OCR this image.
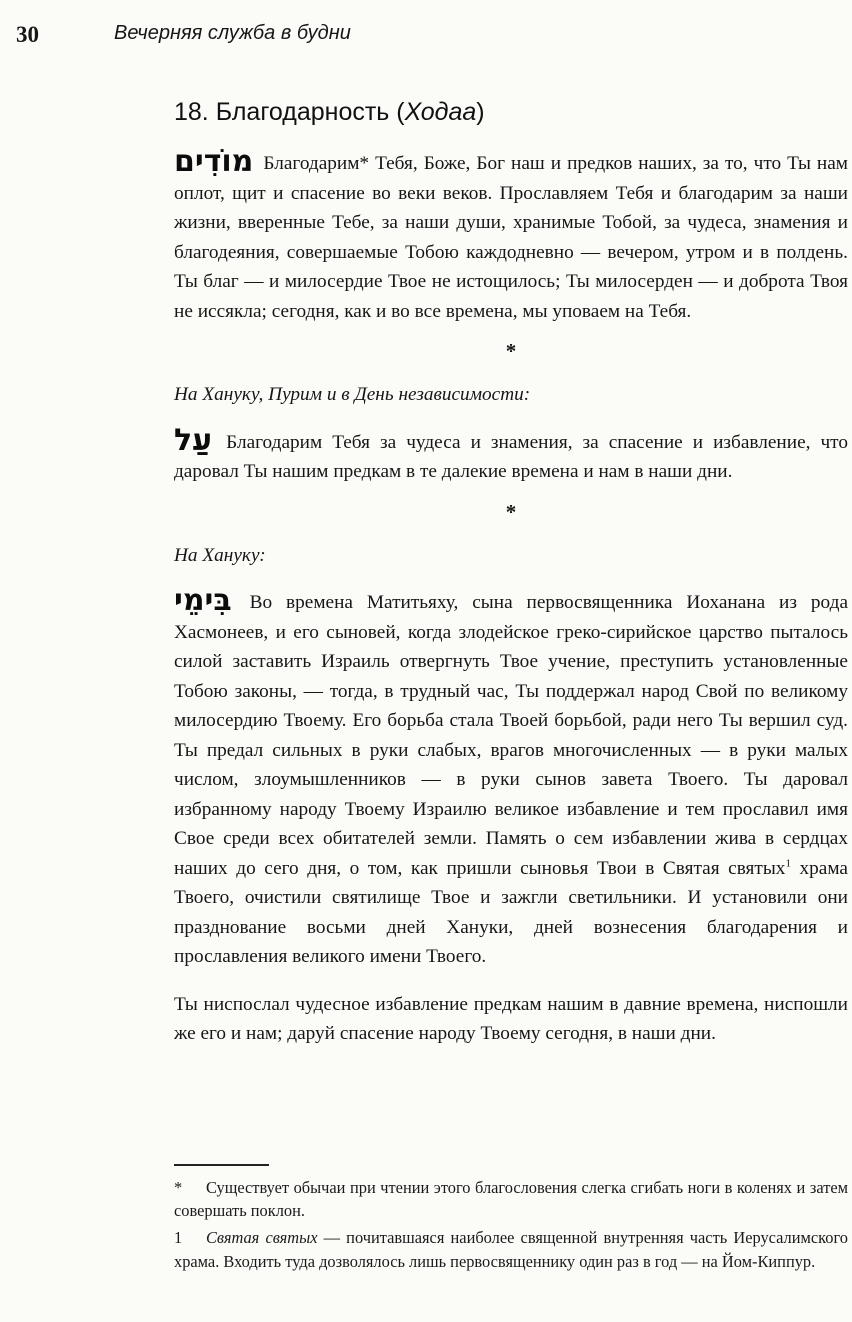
30	Вечерняя служба в будни
18. Благодарность (Ходаа)

מוֹדִים Благодарим* Тебя, Боже, Бог наш и предков наших, за то, что Ты нам оплот, щит и спасение во веки веков. Прославляем Тебя и благодарим за наши жизни, вверенные Тебе, за наши души, хранимые Тобой, за чудеса, знамения и благодеяния, совершаемые Тобою каждодневно — вечером, утром и в полдень. Ты благ — и милосердие Твое не истощилось; Ты милосерден — и доброта Твоя не иссякла; сегодня, как и во все времена, мы уповаем на Тебя.

*

На Хануку, Пурим и в День независимости:

עַל Благодарим Тебя за чудеса и знамения, за спасение и избавление, что даровал Ты нашим предкам в те далекие времена и нам в наши дни.

*

На Хануку:

בִּימֵי Во времена Матитьяху, сына первосвященника Иоханана из рода Хасмонеев, и его сыновей, когда злодейское греко-сирийское царство пыталось силой заставить Израиль отвергнуть Твое учение, преступить установленные Тобою законы, — тогда, в трудный час, Ты поддержал народ Свой по великому милосердию Твоему. Его борьба стала Твоей борьбой, ради него Ты вершил суд. Ты предал сильных в руки слабых, врагов многочисленных — в руки малых числом, злоумышленников — в руки сынов завета Твоего. Ты даровал избранному народу Твоему Израилю великое избавление и тем прославил имя Свое среди всех обитателей земли. Память о сем избавлении жива в сердцах наших до сего дня, о том, как пришли сыновья Твои в Святая святых$^1$ храма Твоего, очистили святилище Твое и зажгли светильники. И установили они празднование восьми дней Хануки, дней вознесения благодарения и прославления великого имени Твоего.

Ты ниспослал чудесное избавление предкам нашим в давние времена, ниспошли же его и нам; даруй спасение народу Твоему сегодня, в наши дни.

* Существует обычаи при чтении этого благословения слегка сгибать ноги в коленях и затем совершать поклон.

1 Святая святых — почитавшаяся наиболее священной внутренняя часть Иерусалимского храма. Входить туда дозволялось лишь первосвященнику один раз в год — на Йом-Киппур.
